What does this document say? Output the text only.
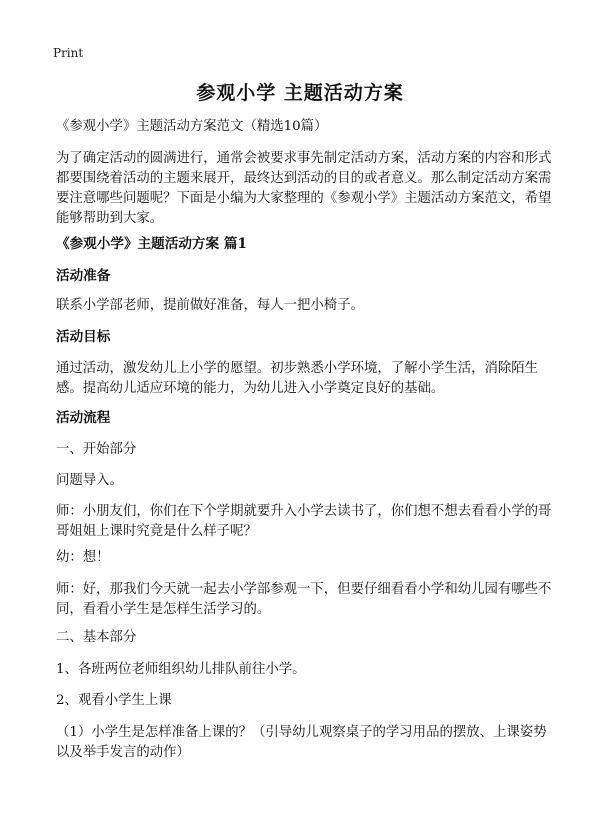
Print
参观小学 主题活动方案
《参观小学》主题活动方案范文（精选10篇）
为了确定活动的圆满进行，通常会被要求事先制定活动方案，活动方案的内容和形式都要围绕着活动的主题来展开，最终达到活动的目的或者意义。那么制定活动方案需要注意哪些问题呢？下面是小编为大家整理的《参观小学》主题活动方案范文，希望能够帮助到大家。
《参观小学》主题活动方案 篇1
活动准备
联系小学部老师，提前做好准备，每人一把小椅子。
活动目标
通过活动，激发幼儿上小学的愿望。初步熟悉小学环境，了解小学生活，消除陌生感。提高幼儿适应环境的能力，为幼儿进入小学奠定良好的基础。
活动流程
一、开始部分
问题导入。
师：小朋友们，你们在下个学期就要升入小学去读书了，你们想不想去看看小学的哥哥姐姐上课时究竟是什么样子呢？
幼：想！
师：好，那我们今天就一起去小学部参观一下，但要仔细看看小学和幼儿园有哪些不同，看看小学生是怎样生活学习的。
二、基本部分
1、各班两位老师组织幼儿排队前往小学。
2、观看小学生上课
（1）小学生是怎样准备上课的？（引导幼儿观察桌子的学习用品的摆放、上课姿势以及举手发言的动作）
